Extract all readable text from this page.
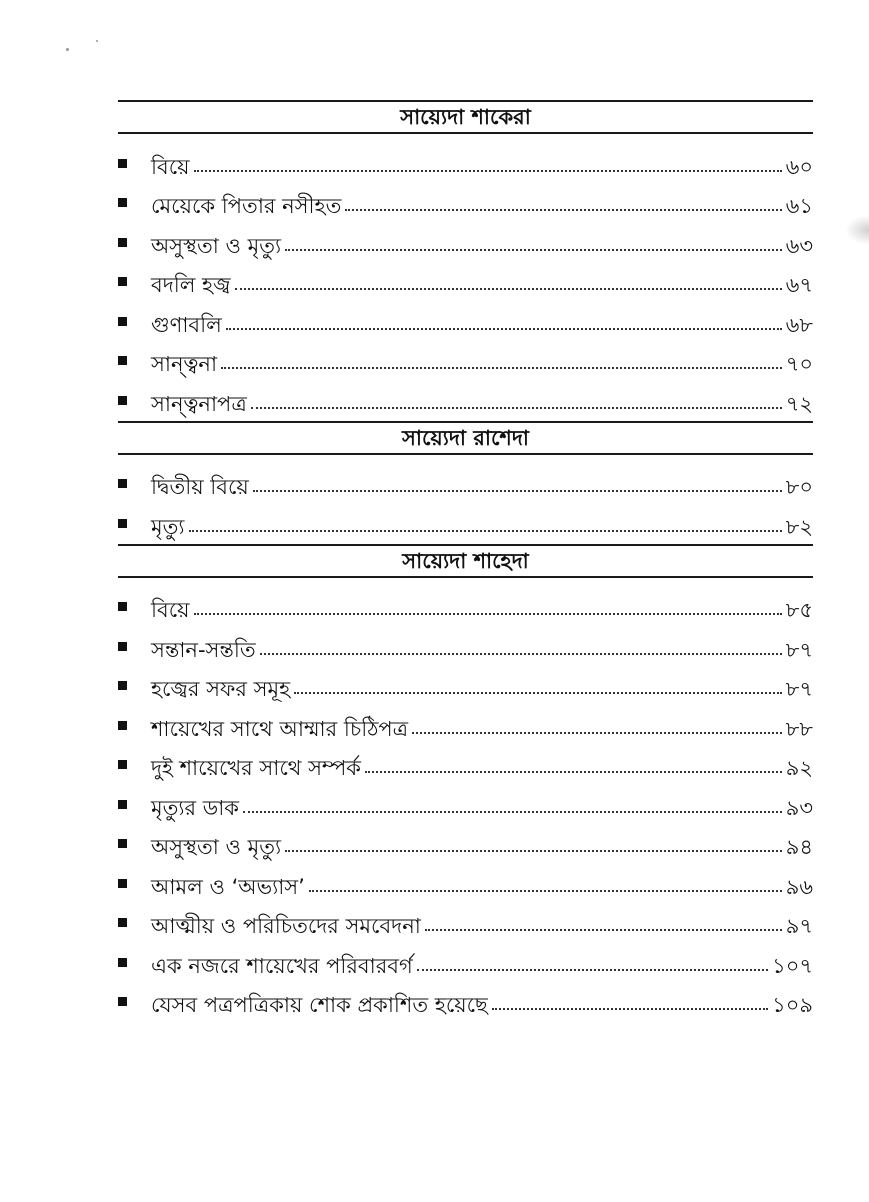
সায়্যেদা শাকেরা
বিয়ে	৬০
মেয়েকে পিতার নসীহত	৬১
অসুস্থতা ও মৃত্যু	৬৩
বদলি হজ্ব	৬৭
গুণাবলি	৬৮
সান্ত্বনা	৭০
সান্ত্বনাপত্র	৭২
সায়্যেদা রাশেদা
দ্বিতীয় বিয়ে	৮০
মৃত্যু	৮২
সায়্যেদা শাহেদা
বিয়ে	৮৫
সন্তান-সন্ততি	৮৭
হজ্বের সফর সমূহ	৮৭
শায়েখের সাথে আম্মার চিঠিপত্র	৮৮
দুই শায়েখের সাথে সম্পর্ক	৯২
মৃত্যুর ডাক	৯৩
অসুস্থতা ও মৃত্যু	৯৪
আমল ও ‘অভ্যাস’	৯৬
আত্মীয় ও পরিচিতদের সমবেদনা	৯৭
এক নজরে শায়েখের পরিবারবর্গ	১০৭
যেসব পত্রপত্রিকায় শোক প্রকাশিত হয়েছে	১০৯
